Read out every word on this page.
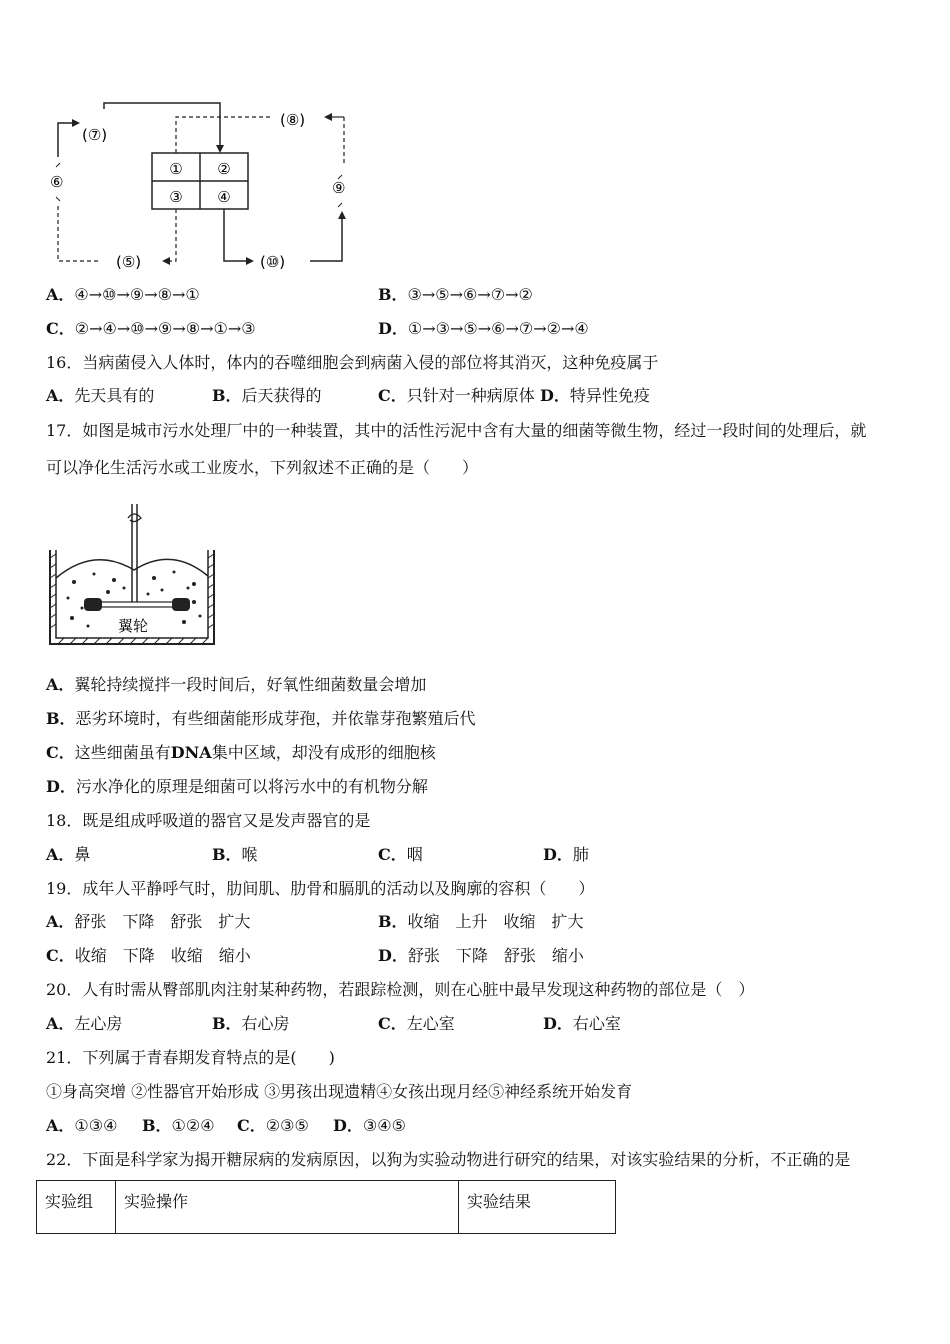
① ②
③ ④
(⑦)
(⑧)
⑨
(⑩)
(⑤)
⑥
A．④→⑩→⑨→⑧→①	B．③→⑤→⑥→⑦→②
C．②→④→⑩→⑨→⑧→①→③	D．①→③→⑤→⑥→⑦→②→④
16．当病菌侵入人体时，体内的吞噬细胞会到病菌入侵的部位将其消灭，这种免疫属于
A．先天具有的	B．后天获得的	C．只针对一种病原体 D．特异性免疫
17．如图是城市污水处理厂中的一种装置，其中的活性污泥中含有大量的细菌等微生物，经过一段时间的处理后，就
可以净化生活污水或工业废水，下列叙述不正确的是（　　）
翼轮
A．翼轮持续搅拌一段时间后，好氧性细菌数量会增加
B．恶劣环境时，有些细菌能形成芽孢，并依靠芽孢繁殖后代
C．这些细菌虽有DNA集中区域，却没有成形的细胞核
D．污水净化的原理是细菌可以将污水中的有机物分解
18．既是组成呼吸道的器官又是发声器官的是
A．鼻	B．喉	C．咽	D．肺
19．成年人平静呼气时，肋间肌、肋骨和膈肌的活动以及胸廓的容积（　　）
A．舒张　下降　舒张　扩大	B．收缩　上升　收缩　扩大
C．收缩　下降　收缩　缩小	D．舒张　下降　舒张　缩小
20．人有时需从臀部肌肉注射某种药物，若跟踪检测，则在心脏中最早发现这种药物的部位是（　）
A．左心房	B．右心房	C．左心室	D．右心室
21．下列属于青春期发育特点的是(　　)
①身高突增 ②性器官开始形成 ③男孩出现遗精④女孩出现月经⑤神经系统开始发育
A．①③④ B．①②④ C．②③⑤ D．③④⑤
22．下面是科学家为揭开糖尿病的发病原因，以狗为实验动物进行研究的结果，对该实验结果的分析，不正确的是
实验组	实验操作	实验结果
